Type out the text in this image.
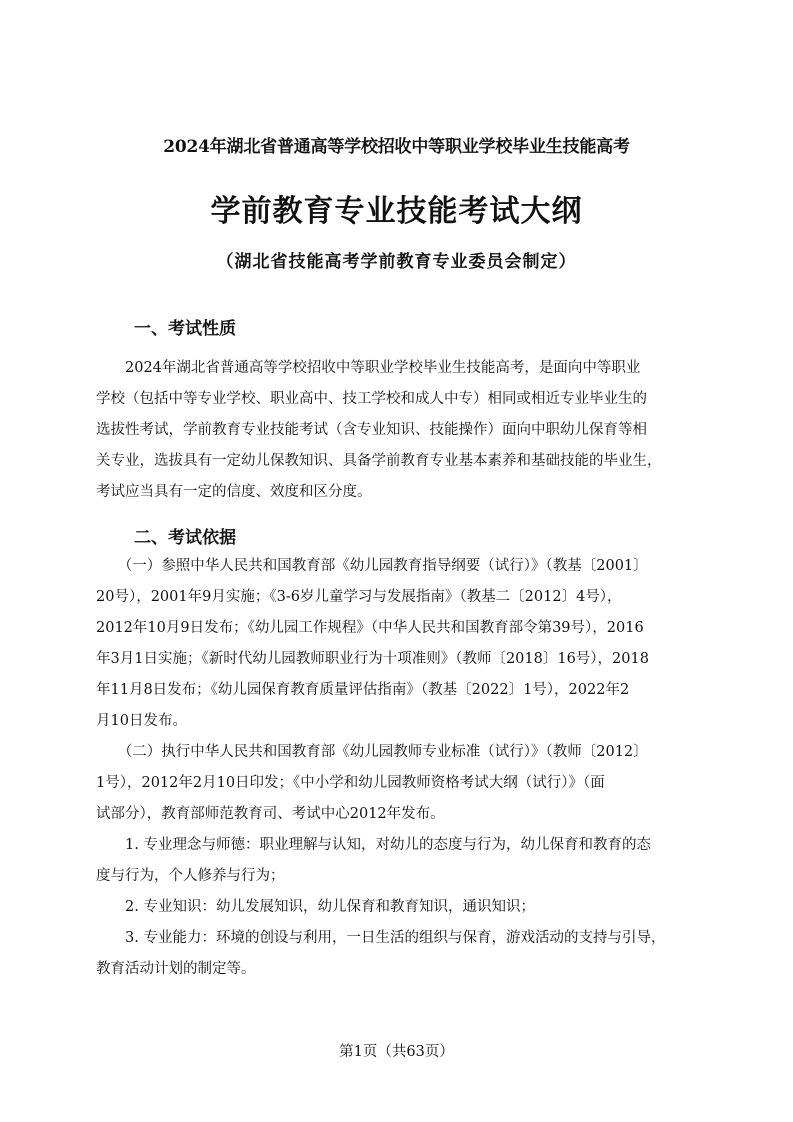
2024年湖北省普通高等学校招收中等职业学校毕业生技能高考
学前教育专业技能考试大纲
（湖北省技能高考学前教育专业委员会制定）
一、考试性质
　　2024年湖北省普通高等学校招收中等职业学校毕业生技能高考，是面向中等职业
学校（包括中等专业学校、职业高中、技工学校和成人中专）相同或相近专业毕业生的
选拔性考试，学前教育专业技能考试（含专业知识、技能操作）面向中职幼儿保育等相
关专业，选拔具有一定幼儿保教知识、具备学前教育专业基本素养和基础技能的毕业生，
考试应当具有一定的信度、效度和区分度。
二、考试依据
　　（一）参照中华人民共和国教育部《幼儿园教育指导纲要（试行）》（教基〔2001〕
20号），2001年9月实施；《3-6岁儿童学习与发展指南》（教基二〔2012〕4号），
2012年10月9日发布；《幼儿园工作规程》（中华人民共和国教育部令第39号），2016
年3月1日实施；《新时代幼儿园教师职业行为十项准则》（教师〔2018〕16号），2018
年11月8日发布；《幼儿园保育教育质量评估指南》（教基〔2022〕1号），2022年2
月10日发布。
　　（二）执行中华人民共和国教育部《幼儿园教师专业标准（试行）》（教师〔2012〕
1号），2012年2月10日印发；《中小学和幼儿园教师资格考试大纲（试行）》（面
试部分），教育部师范教育司、考试中心2012年发布。
　　1. 专业理念与师德：职业理解与认知，对幼儿的态度与行为，幼儿保育和教育的态
度与行为，个人修养与行为；
　　2. 专业知识：幼儿发展知识，幼儿保育和教育知识，通识知识；
　　3. 专业能力：环境的创设与利用，一日生活的组织与保育，游戏活动的支持与引导，
教育活动计划的制定等。
第1页（共63页）
